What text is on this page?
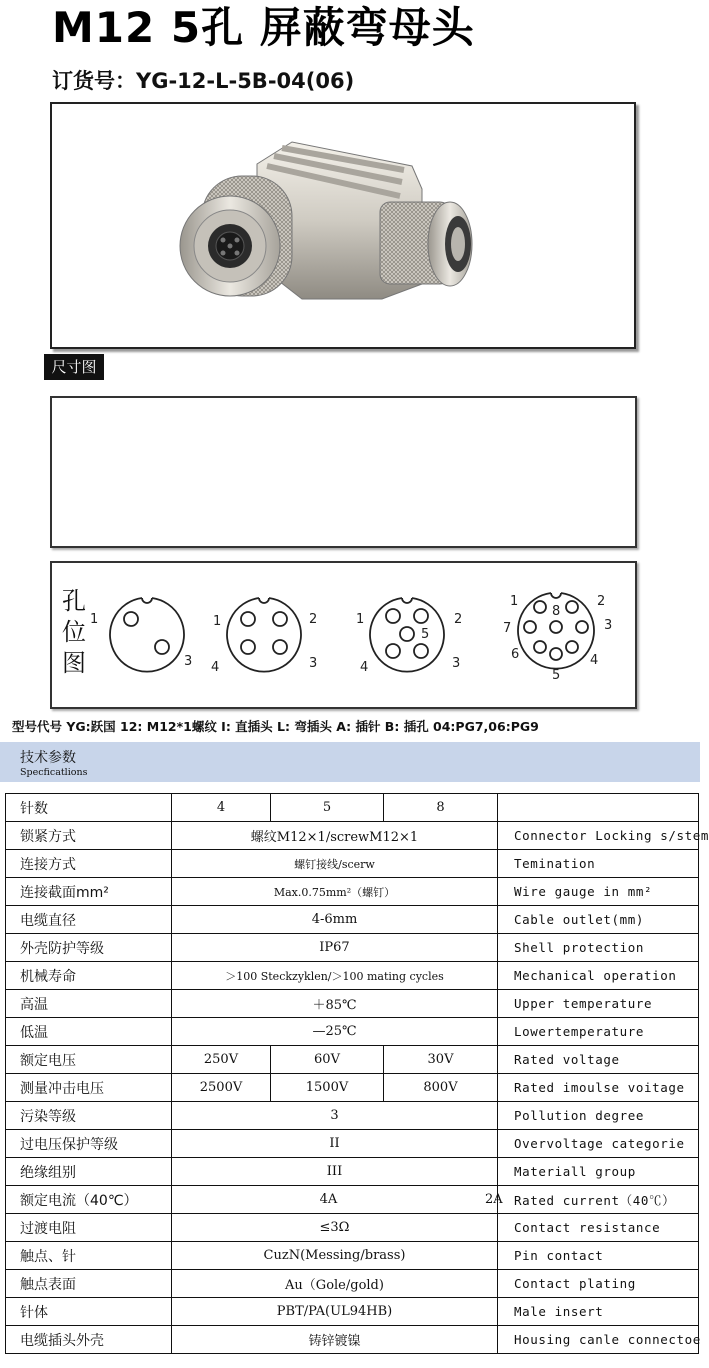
M12 5孔 屏蔽弯母头
订货号：YG-12-L-5B-04(06)
尺寸图
孔
位
图
1
3
1	2
4	3
1	2
5
4	3
1
8
2
7	3
6	4
5
型号代号 YG:跃国 12: M12*1螺纹 I: 直插头 L: 弯插头 A: 插针 B: 插孔 04:PG7,06:PG9
技术参数
Specficatlions
针数	4	5	8	
锁紧方式	螺纹M12×1/screwM12×1			Connector Locking s/stem
连接方式	螺钉接线/scerw			Temination
连接截面mm²	Max.0.75mm²（螺钉）			Wire gauge in mm²
电缆直径	4-6mm			Cable outlet(mm)
外壳防护等级	IP67			Shell protection
机械寿命	＞100 Steckzyklen/＞100 mating cycles			Mechanical operation
高温	＋85℃			Upper temperature
低温	—25℃			Lowertemperature
额定电压	250V	60V	30V	Rated voltage
测量冲击电压	2500V	1500V	800V	Rated imoulse voitage
污染等级	3			Pollution degree
过电压保护等级	II			Overvoltage categorie
绝缘组别	III			Materiall group
额定电流（40℃）	4A 2A			Rated current（40℃）
过渡电阻	≤3Ω			Contact resistance
触点、针	CuzN(Messing/brass)			Pin contact
触点表面	Au（Gole/gold)			Contact plating
针体	PBT/PA(UL94HB)			Male insert
电缆插头外壳	铸锌镀镍			Housing canle connectoe
